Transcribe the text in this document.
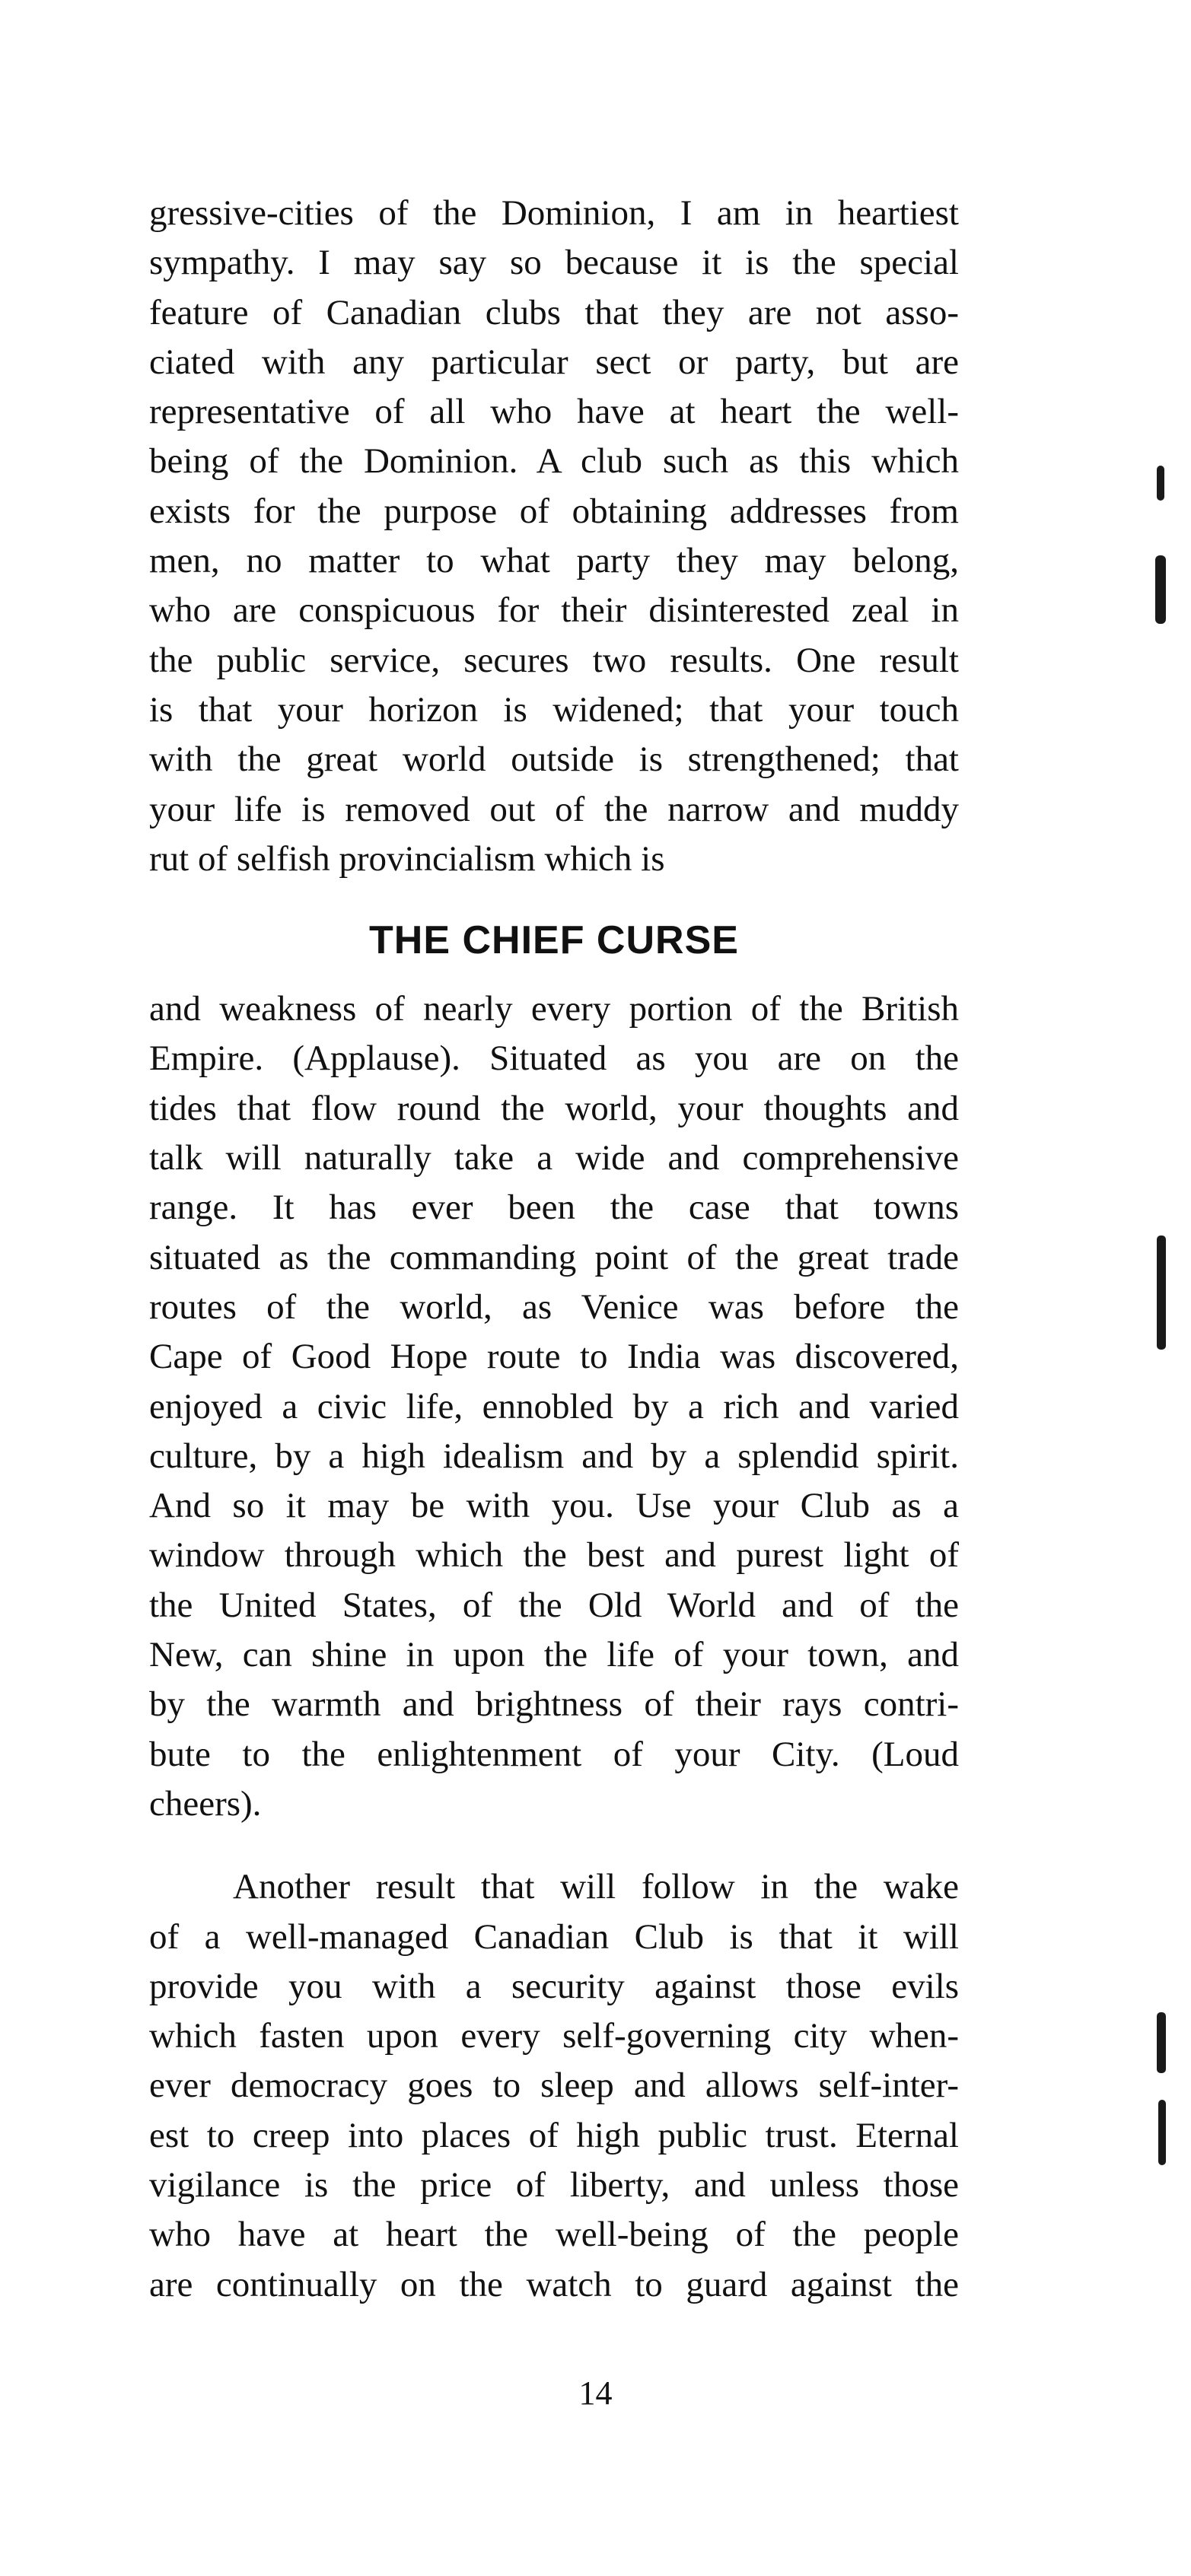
gressive-cities of the Dominion, I am in heartiest
sympathy. I may say so because it is the special
feature of Canadian clubs that they are not asso-
ciated with any particular sect or party, but are
representative of all who have at heart the well-
being of the Dominion. A club such as this which
exists for the purpose of obtaining addresses from
men, no matter to what party they may belong,
who are conspicuous for their disinterested zeal in
the public service, secures two results. One result
is that your horizon is widened; that your touch
with the great world outside is strengthened; that
your life is removed out of the narrow and muddy
rut of selfish provincialism which is

THE CHIEF CURSE

and weakness of nearly every portion of the British
Empire. (Applause). Situated as you are on the
tides that flow round the world, your thoughts and
talk will naturally take a wide and comprehensive
range. It has ever been the case that towns
situated as the commanding point of the great trade
routes of the world, as Venice was before the
Cape of Good Hope route to India was discovered,
enjoyed a civic life, ennobled by a rich and varied
culture, by a high idealism and by a splendid spirit.
And so it may be with you. Use your Club as a
window through which the best and purest light of
the United States, of the Old World and of the
New, can shine in upon the life of your town, and
by the warmth and brightness of their rays contri-
bute to the enlightenment of your City. (Loud
cheers).

Another result that will follow in the wake
of a well-managed Canadian Club is that it will
provide you with a security against those evils
which fasten upon every self-governing city when-
ever democracy goes to sleep and allows self-inter-
est to creep into places of high public trust. Eternal
vigilance is the price of liberty, and unless those
who have at heart the well-being of the people
are continually on the watch to guard against the

14
